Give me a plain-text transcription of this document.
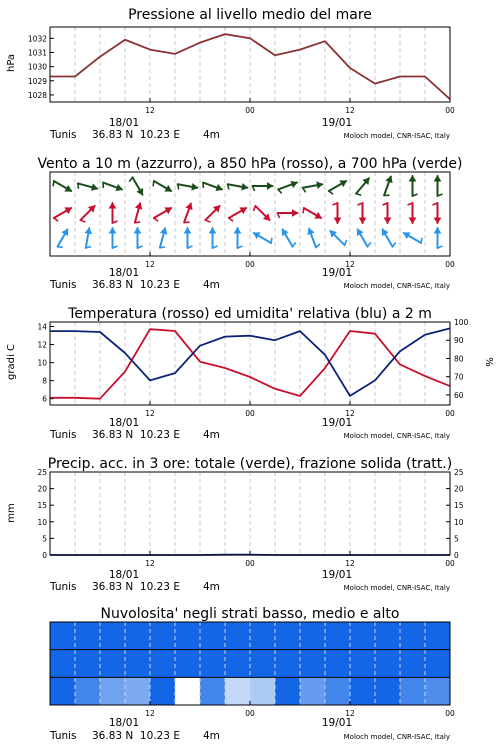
Pressione al livello medio del mare
hPa
1028
1029
1030
1031
1032
12	00	12	00
18/01	19/01
Tunis 36.83 N  10.23 E 4m	Moloch model, CNR-ISAC, Italy
Vento a 10 m (azzurro), a 850 hPa (rosso), a 700 hPa (verde)
12	00	12	00
18/01	19/01
Tunis 36.83 N  10.23 E 4m	Moloch model, CNR-ISAC, Italy
Temperatura (rosso) ed umidita' relativa (blu) a 2 m
gradi C	%
6
8
10
12
14
60
70
80
90
100
12	00	12	00
18/01	19/01
Tunis 36.83 N  10.23 E 4m	Moloch model, CNR-ISAC, Italy
Precip. acc. in 3 ore: totale (verde), frazione solida (tratt.)
mm
0
5
10
15
20
25
0
5
10
15
20
25
12	00	12	00
18/01	19/01
Tunis 36.83 N  10.23 E 4m	Moloch model, CNR-ISAC, Italy
Nuvolosita' negli strati basso, medio e alto
12	00	12	00
18/01	19/01
Tunis 36.83 N  10.23 E 4m	Moloch model, CNR-ISAC, Italy
